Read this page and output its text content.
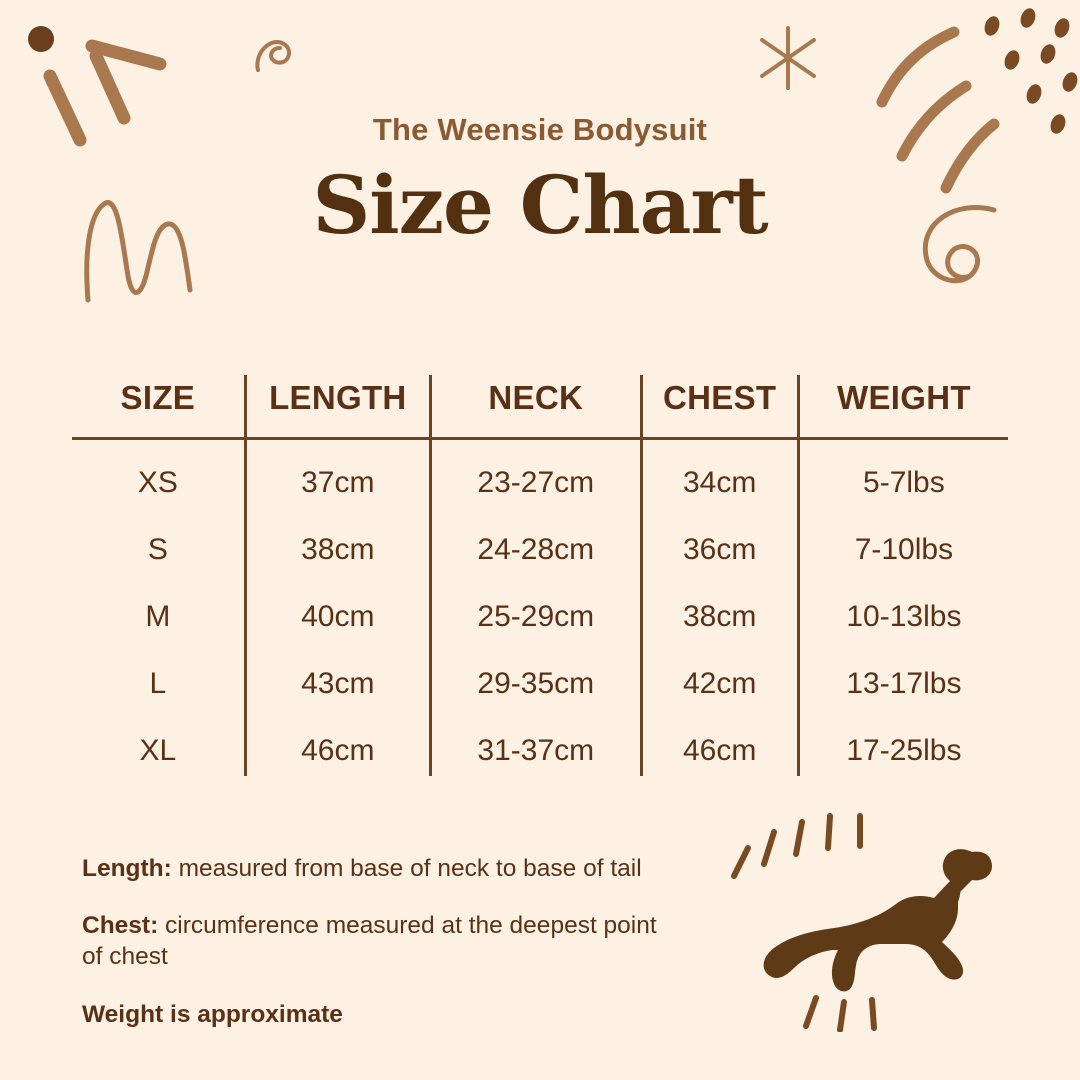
The Weensie Bodysuit

Size Chart
SIZE	LENGTH	NECK	CHEST	WEIGHT
XS	37cm	23-27cm	34cm	5-7lbs
S	38cm	24-28cm	36cm	7-10lbs
M	40cm	25-29cm	38cm	10-13lbs
L	43cm	29-35cm	42cm	13-17lbs
XL	46cm	31-37cm	46cm	17-25lbs

Length: measured from base of neck to base of tail

Chest: circumference measured at the deepest point of chest

Weight is approximate
